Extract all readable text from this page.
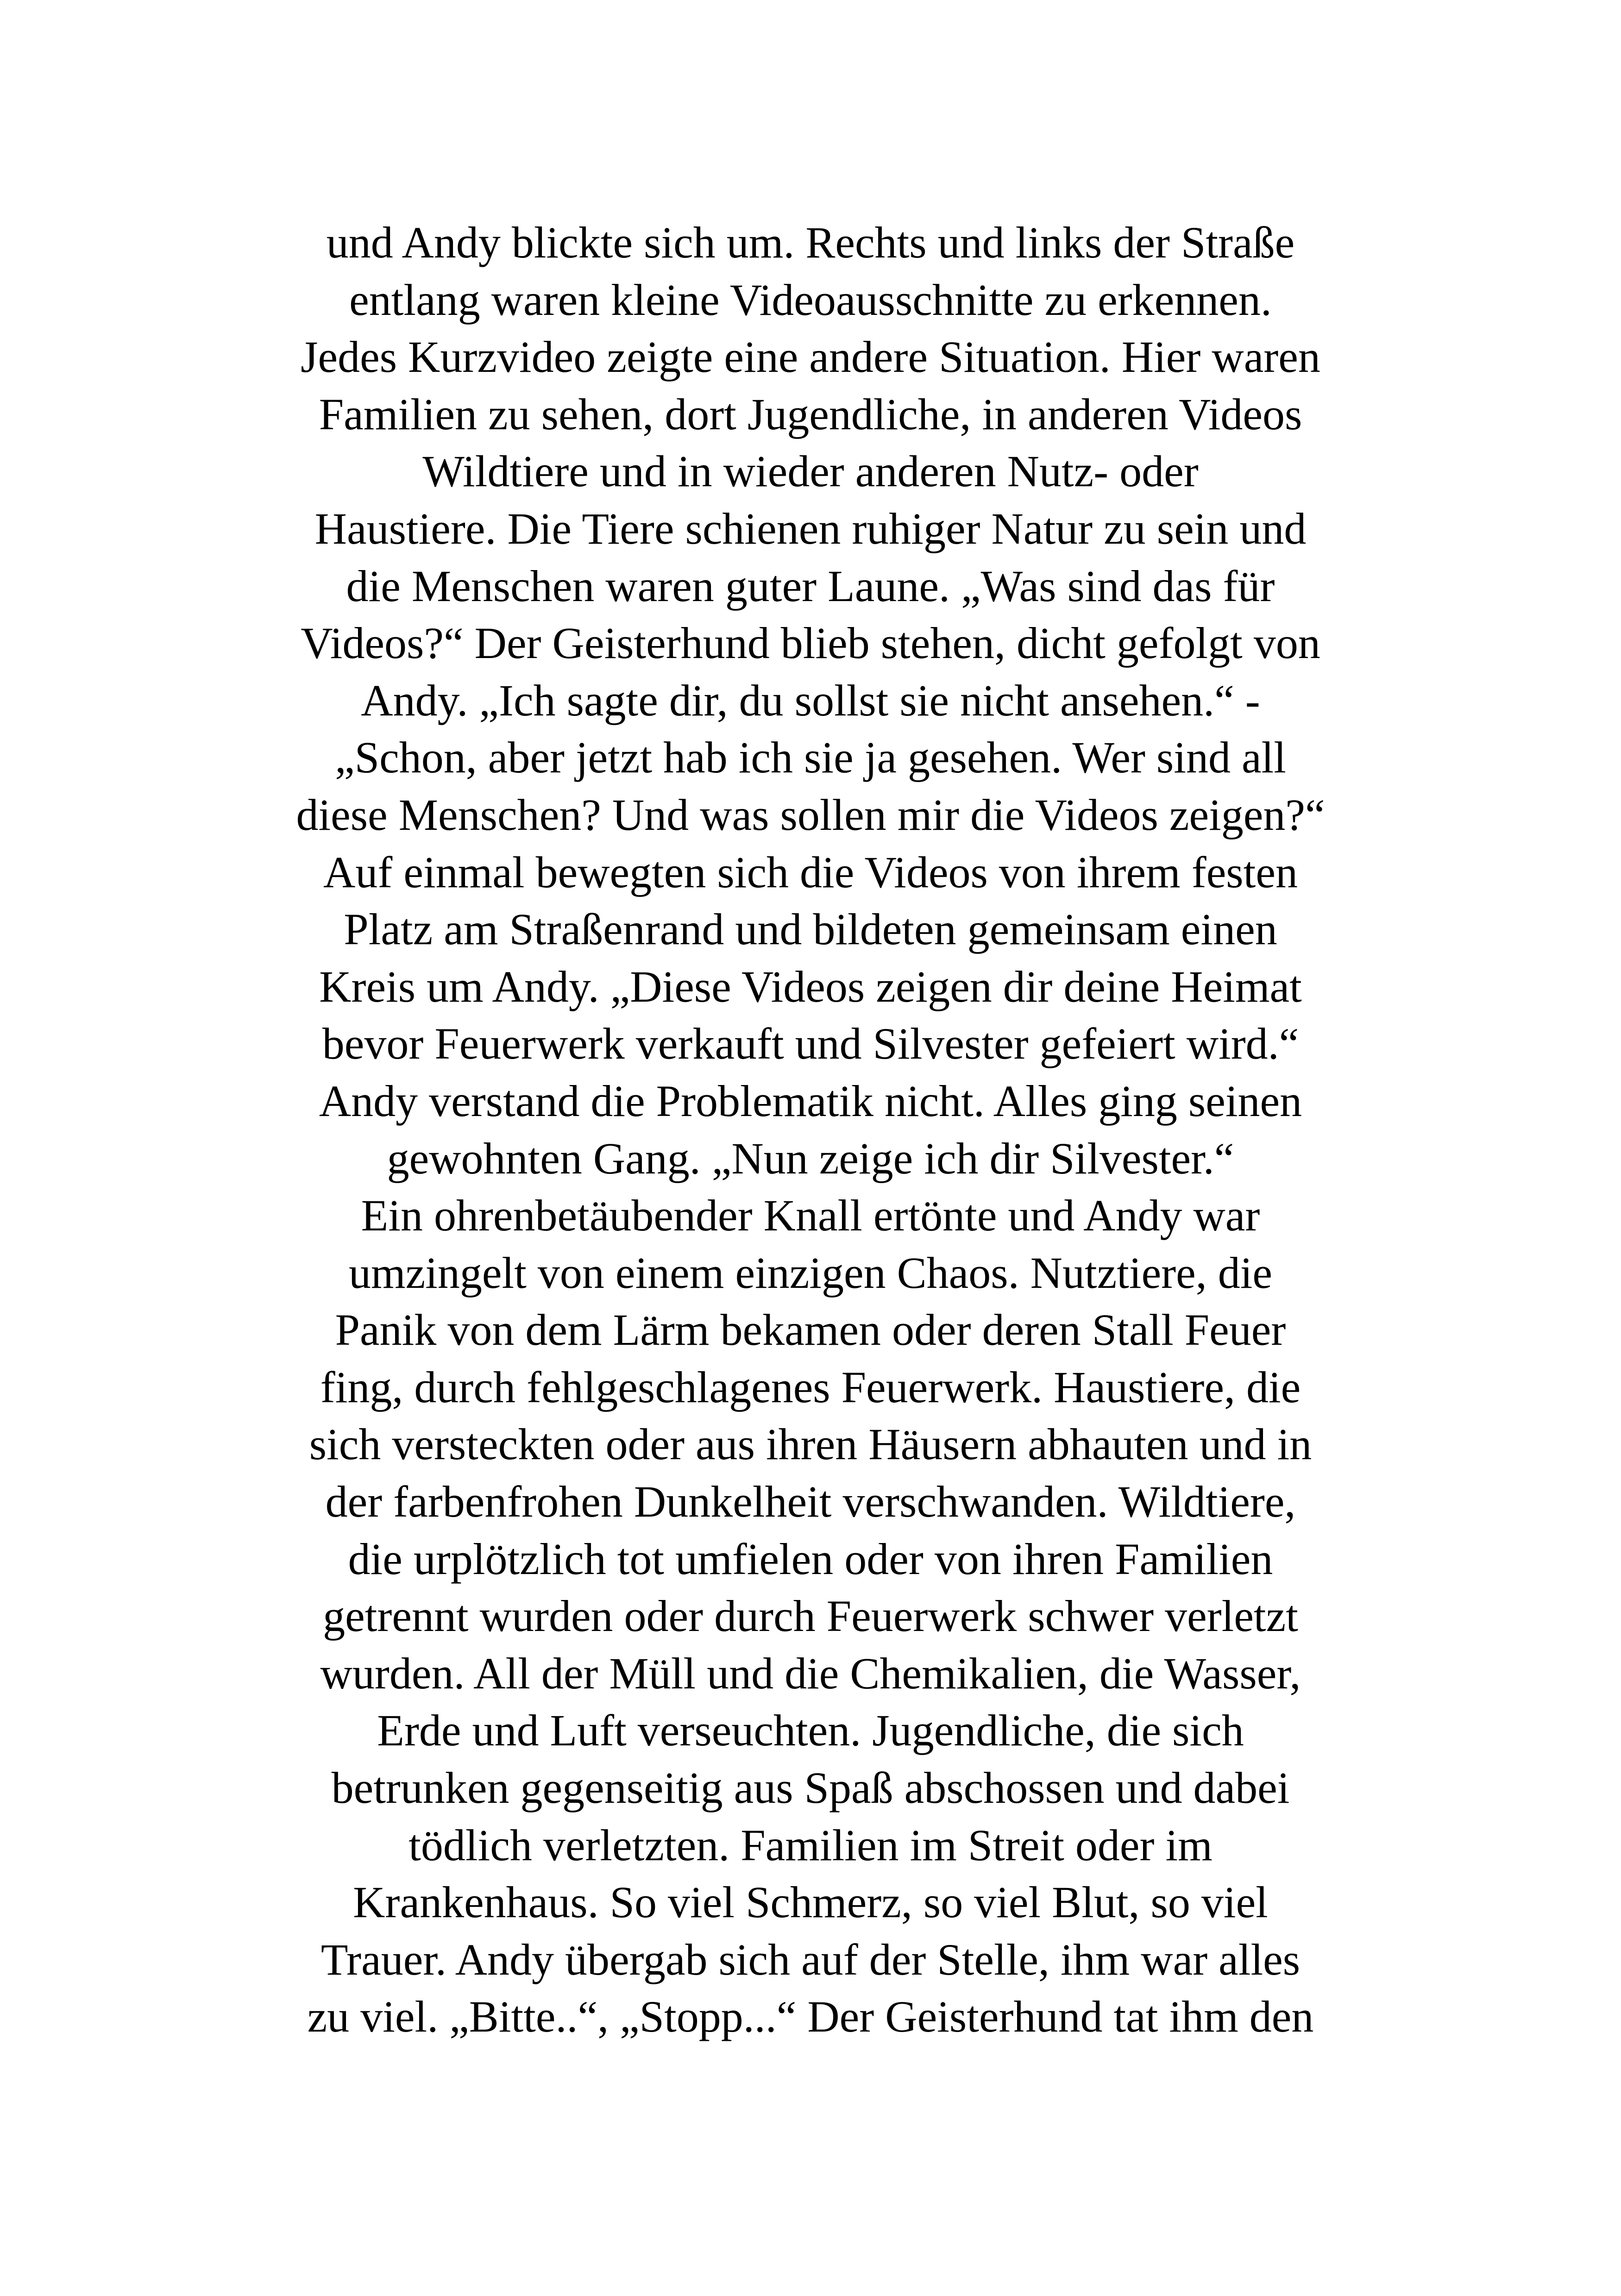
und Andy blickte sich um. Rechts und links der Straße
entlang waren kleine Videoausschnitte zu erkennen.
Jedes Kurzvideo zeigte eine andere Situation. Hier waren
Familien zu sehen, dort Jugendliche, in anderen Videos
Wildtiere und in wieder anderen Nutz- oder
Haustiere. Die Tiere schienen ruhiger Natur zu sein und
die Menschen waren guter Laune. „Was sind das für
Videos?“ Der Geisterhund blieb stehen, dicht gefolgt von
Andy. „Ich sagte dir, du sollst sie nicht ansehen.“ -
„Schon, aber jetzt hab ich sie ja gesehen. Wer sind all
diese Menschen? Und was sollen mir die Videos zeigen?“
Auf einmal bewegten sich die Videos von ihrem festen
Platz am Straßenrand und bildeten gemeinsam einen
Kreis um Andy. „Diese Videos zeigen dir deine Heimat
bevor Feuerwerk verkauft und Silvester gefeiert wird.“
Andy verstand die Problematik nicht. Alles ging seinen
gewohnten Gang. „Nun zeige ich dir Silvester.“
Ein ohrenbetäubender Knall ertönte und Andy war
umzingelt von einem einzigen Chaos. Nutztiere, die
Panik von dem Lärm bekamen oder deren Stall Feuer
fing, durch fehlgeschlagenes Feuerwerk. Haustiere, die
sich versteckten oder aus ihren Häusern abhauten und in
der farbenfrohen Dunkelheit verschwanden. Wildtiere,
die urplötzlich tot umfielen oder von ihren Familien
getrennt wurden oder durch Feuerwerk schwer verletzt
wurden. All der Müll und die Chemikalien, die Wasser,
Erde und Luft verseuchten. Jugendliche, die sich
betrunken gegenseitig aus Spaß abschossen und dabei
tödlich verletzten. Familien im Streit oder im
Krankenhaus. So viel Schmerz, so viel Blut, so viel
Trauer. Andy übergab sich auf der Stelle, ihm war alles
zu viel. „Bitte..“, „Stopp...“ Der Geisterhund tat ihm den
